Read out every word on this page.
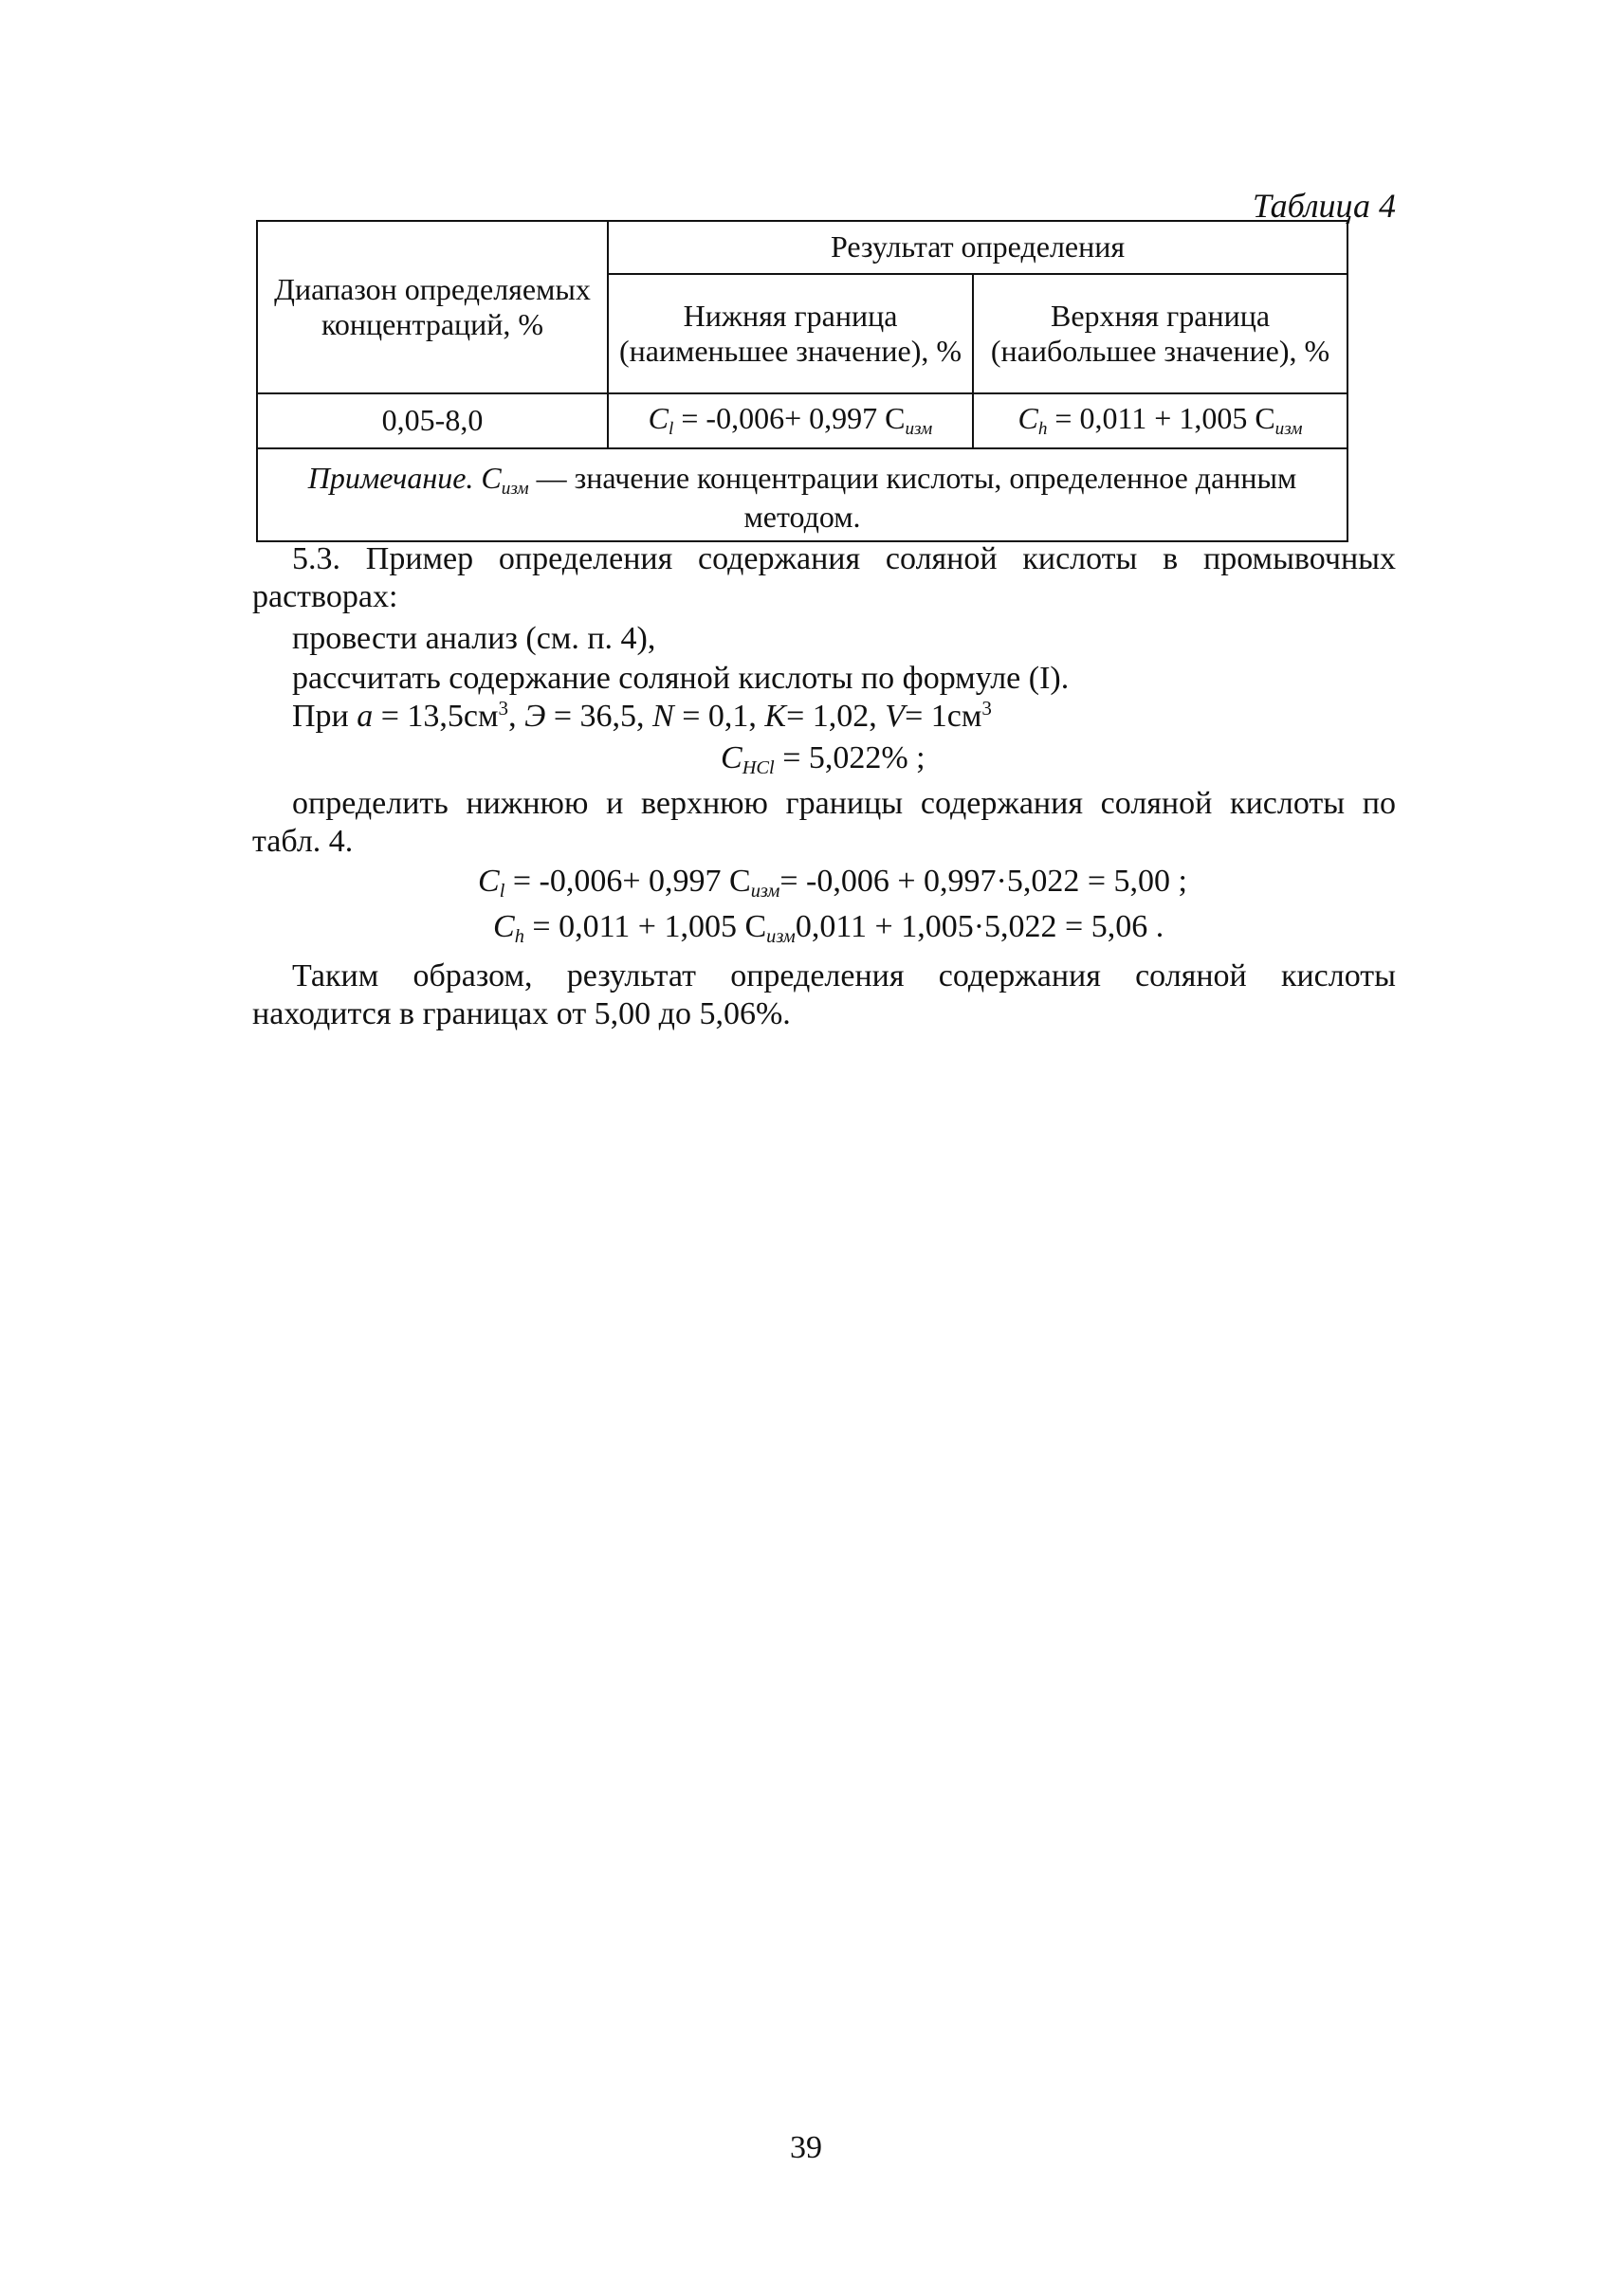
Таблица 4
Диапазон определяемых концентраций, %	Результат определения	
	Нижняя граница (наименьшее значение), %	Верхняя граница (наибольшее значение), %
0,05-8,0	$C_l = -0,006+ 0,997$ $C_{изм}$	$C_h = 0,011 + 1,005$ $C_{изм}$
Примечание. $C_{изм}$ — значение концентрации кислоты, определенное данным методом.		
5.3. Пример определения содержания соляной кислоты в промывочных
растворах:
провести анализ (см. п. 4),
рассчитать содержание соляной кислоты по формуле (I).
При $a = 13,5см^3$, Э = 36,5, N = 0,1, K= 1,02, $V= 1см^3$
$C_{HCl} = 5,022\%$ ;
определить нижнюю и верхнюю границы содержания соляной кислоты по
табл. 4.
$C_l = -0,006+ 0,997$ $C_{изм}= -0,006 + 0,997\cdot 5,022 = 5,00$ ;
$C_h = 0,011 + 1,005$ $C_{изм}0,011 + 1,005\cdot 5,022 = 5,06$ .
Таким образом, результат определения содержания соляной кислоты
находится в границах от 5,00 до 5,06%.
39
